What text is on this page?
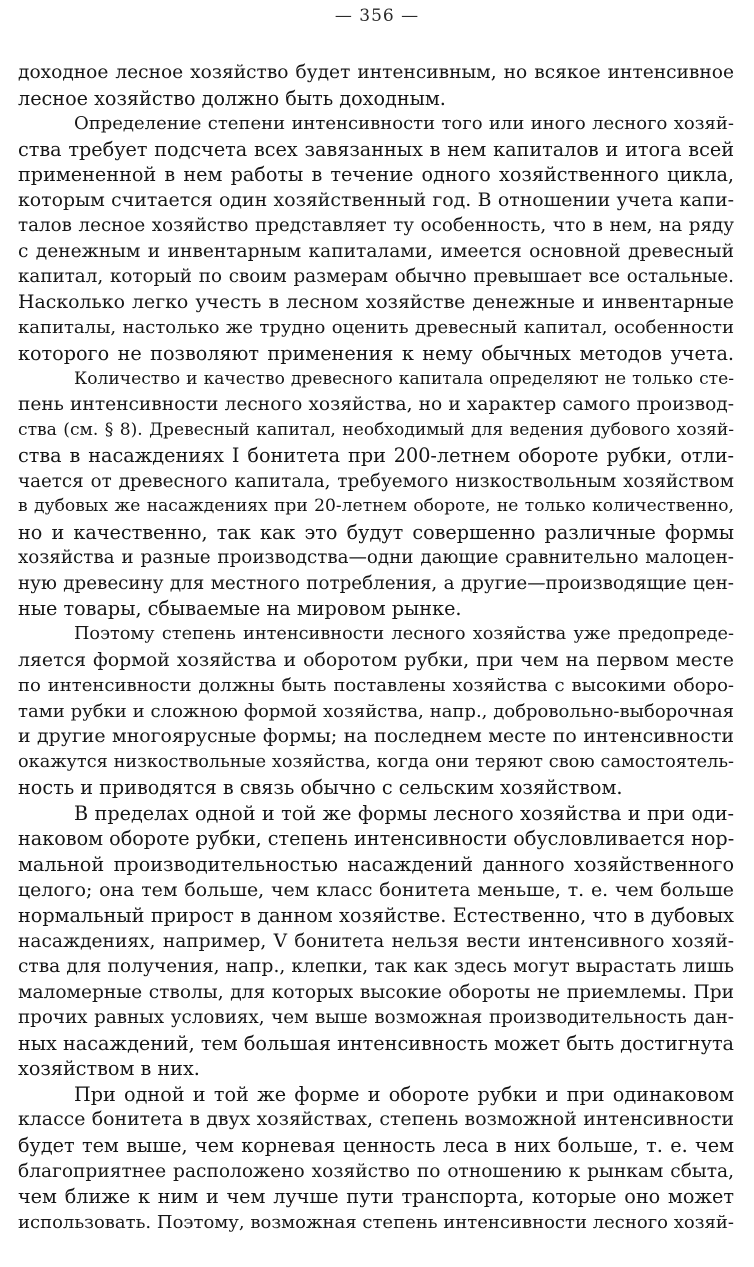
— 356 —
доходное лесное хозяйство будет интенсивным, но всякое интенсивное
лесное хозяйство должно быть доходным.
Определение степени интенсивности того или иного лесного хозяй-
ства требует подсчета всех завязанных в нем капиталов и итога всей
примененной в нем работы в течение одного хозяйственного цикла,
которым считается один хозяйственный год. В отношении учета капи-
талов лесное хозяйство представляет ту особенность, что в нем, на ряду
с денежным и инвентарным капиталами, имеется основной древесный
капитал, который по своим размерам обычно превышает все остальные.
Насколько легко учесть в лесном хозяйстве денежные и инвентарные
капиталы, настолько же трудно оценить древесный капитал, особенности
которого не позволяют применения к нему обычных методов учета.
Количество и качество древесного капитала определяют не только сте-
пень интенсивности лесного хозяйства, но и характер самого производ-
ства (см. § 8). Древесный капитал, необходимый для ведения дубового хозяй-
ства в насаждениях I бонитета при 200-летнем обороте рубки, отли-
чается от древесного капитала, требуемого низкоствольным хозяйством
в дубовых же насаждениях при 20-летнем обороте, не только количественно,
но и качественно, так как это будут совершенно различные формы
хозяйства и разные производства—одни дающие сравнительно малоцен-
ную древесину для местного потребления, а другие—производящие цен-
ные товары, сбываемые на мировом рынке.
Поэтому степень интенсивности лесного хозяйства уже предопреде-
ляется формой хозяйства и оборотом рубки, при чем на первом месте
по интенсивности должны быть поставлены хозяйства с высокими оборо-
тами рубки и сложною формой хозяйства, напр., добровольно-выборочная
и другие многоярусные формы; на последнем месте по интенсивности
окажутся низкоствольные хозяйства, когда они теряют свою самостоятель-
ность и приводятся в связь обычно с сельским хозяйством.
В пределах одной и той же формы лесного хозяйства и при оди-
наковом обороте рубки, степень интенсивности обусловливается нор-
мальной производительностью насаждений данного хозяйственного
целого; она тем больше, чем класс бонитета меньше, т. е. чем больше
нормальный прирост в данном хозяйстве. Естественно, что в дубовых
насаждениях, например, V бонитета нельзя вести интенсивного хозяй-
ства для получения, напр., клепки, так как здесь могут вырастать лишь
маломерные стволы, для которых высокие обороты не приемлемы. При
прочих равных условиях, чем выше возможная производительность дан-
ных насаждений, тем большая интенсивность может быть достигнута
хозяйством в них.
При одной и той же форме и обороте рубки и при одинаковом
классе бонитета в двух хозяйствах, степень возможной интенсивности
будет тем выше, чем корневая ценность леса в них больше, т. е. чем
благоприятнее расположено хозяйство по отношению к рынкам сбыта,
чем ближе к ним и чем лучше пути транспорта, которые оно может
использовать. Поэтому, возможная степень интенсивности лесного хозяй-
